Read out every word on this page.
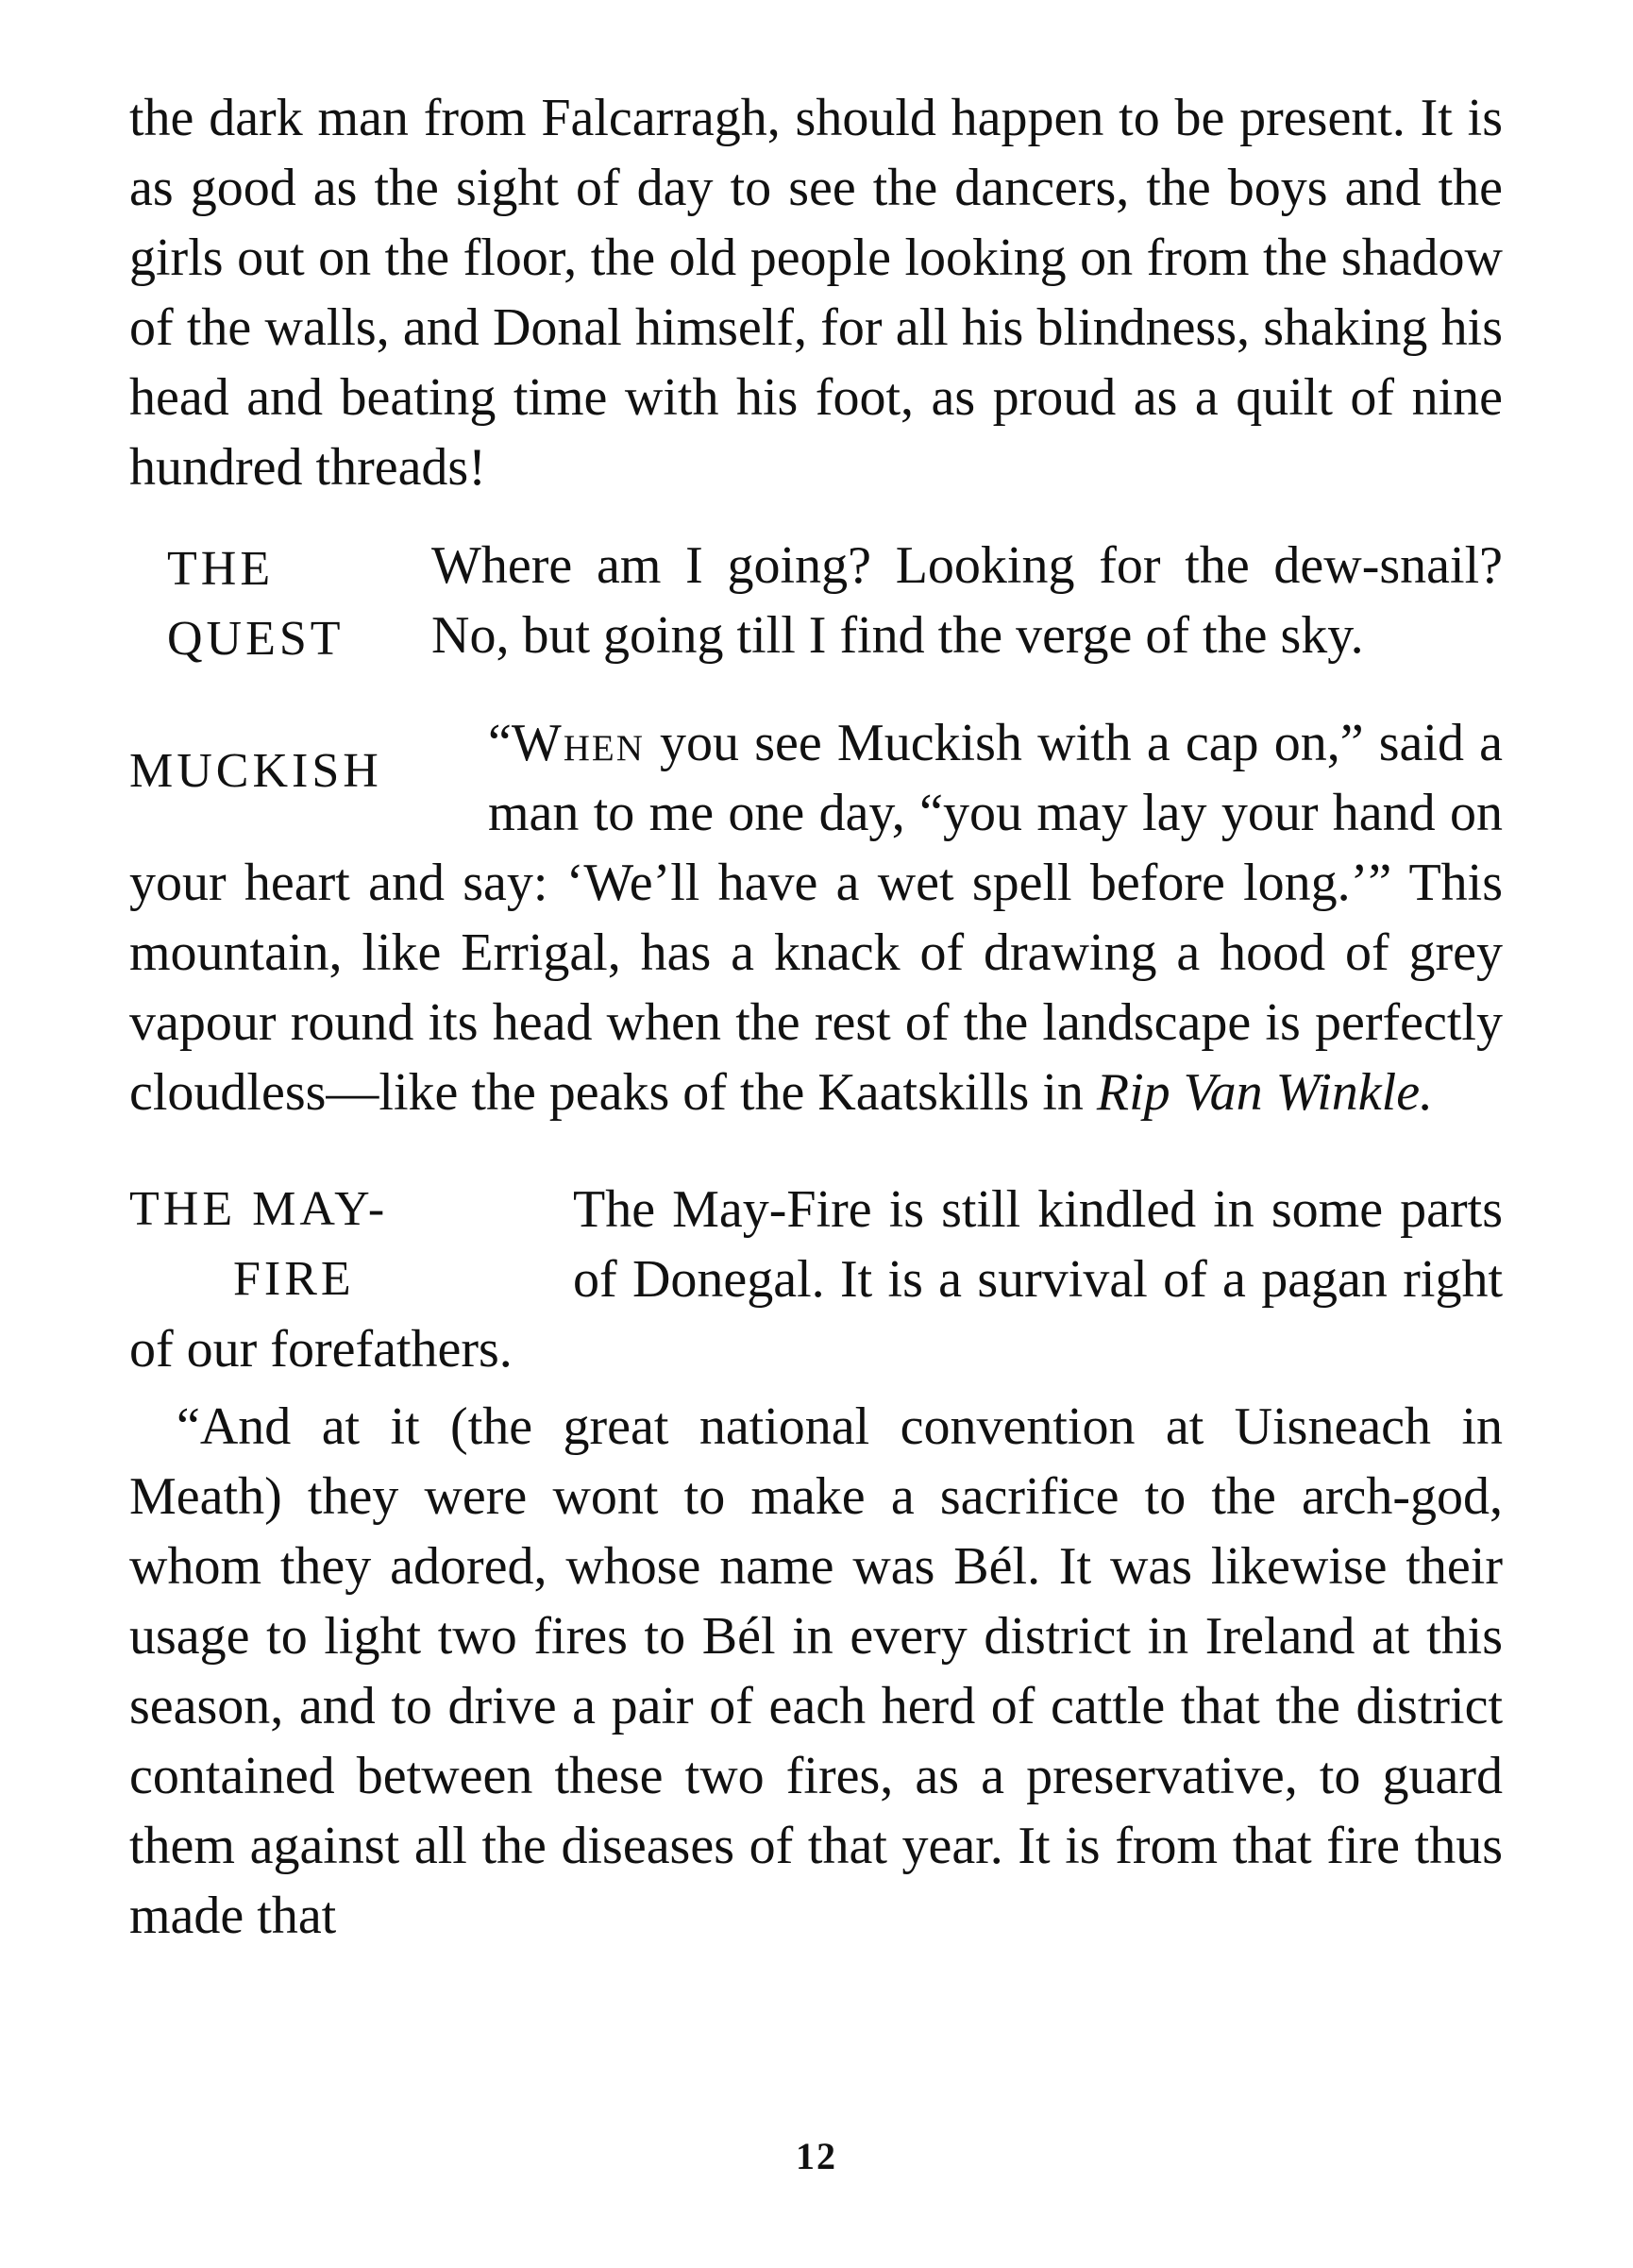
the dark man from Falcarragh, should happen to be present. It is as good as the sight of day to see the dancers, the boys and the girls out on the floor, the old people looking on from the shadow of the walls, and Donal himself, for all his blindness, shaking his head and beating time with his foot, as proud as a quilt of nine hundred threads!

THE
QUEST

Where am I going? Looking for the dew-snail? No, but going till I find the verge of the sky.

MUCKISH	“When you see Muckish with a cap on,” said a man to me one day, “you may lay your hand on your heart and say: ‘We’ll have a wet spell before long.’” This mountain, like Errigal, has a knack of drawing a hood of grey vapour round its head when the rest of the landscape is perfectly cloudless—like the peaks of the Kaatskills in Rip Van Winkle.

THE MAY-
FIRE

The May-Fire is still kindled in some parts of Donegal. It is a survival of a pagan right of our forefathers.

“And at it (the great national convention at Uisneach in Meath) they were wont to make a sacrifice to the arch-god, whom they adored, whose name was Bél. It was likewise their usage to light two fires to Bél in every district in Ireland at this season, and to drive a pair of each herd of cattle that the district contained between these two fires, as a preservative, to guard them against all the diseases of that year. It is from that fire thus made that

12
